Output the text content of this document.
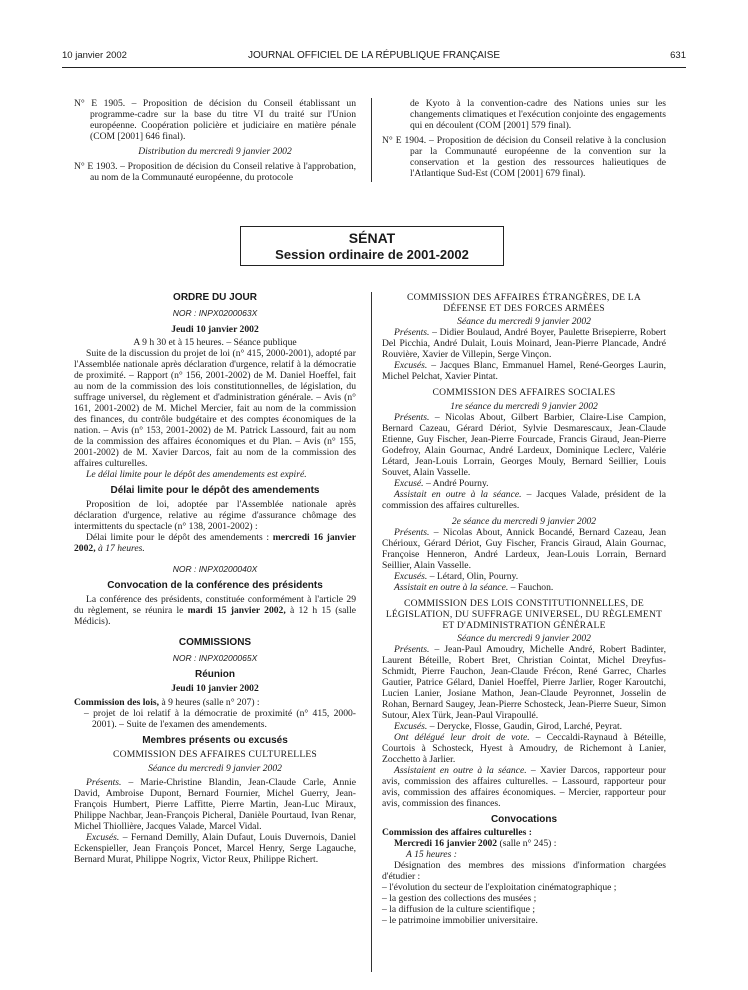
10 janvier 2002	JOURNAL OFFICIEL DE LA RÉPUBLIQUE FRANÇAISE	631

N° E 1905. – Proposition de décision du Conseil établissant un programme-cadre sur la base du titre VI du traité sur l'Union européenne. Coopération policière et judiciaire en matière pénale (COM [2001] 646 final).

Distribution du mercredi 9 janvier 2002

N° E 1903. – Proposition de décision du Conseil relative à l'approbation, au nom de la Communauté européenne, du protocole

de Kyoto à la convention-cadre des Nations unies sur les changements climatiques et l'exécution conjointe des engagements qui en découlent (COM [2001] 579 final).

N° E 1904. – Proposition de décision du Conseil relative à la conclusion par la Communauté européenne de la convention sur la conservation et la gestion des ressources halieutiques de l'Atlantique Sud-Est (COM [2001] 679 final).

SÉNAT
Session ordinaire de 2001-2002

ORDRE DU JOUR

NOR : INPX0200063X

Jeudi 10 janvier 2002

A 9 h 30 et à 15 heures. – Séance publique

Suite de la discussion du projet de loi (n° 415, 2000-2001), adopté par l'Assemblée nationale après déclaration d'urgence, relatif à la démocratie de proximité. – Rapport (n° 156, 2001-2002) de M. Daniel Hoeffel, fait au nom de la commission des lois constitutionnelles, de législation, du suffrage universel, du règlement et d'administration générale. – Avis (n° 161, 2001-2002) de M. Michel Mercier, fait au nom de la commission des finances, du contrôle budgétaire et des comptes économiques de la nation. – Avis (n° 153, 2001-2002) de M. Patrick Lassourd, fait au nom de la commission des affaires économiques et du Plan. – Avis (n° 155, 2001-2002) de M. Xavier Darcos, fait au nom de la commission des affaires culturelles.

Le délai limite pour le dépôt des amendements est expiré.

Délai limite pour le dépôt des amendements

Proposition de loi, adoptée par l'Assemblée nationale après déclaration d'urgence, relative au régime d'assurance chômage des intermittents du spectacle (n° 138, 2001-2002) :

Délai limite pour le dépôt des amendements : mercredi 16 janvier 2002, à 17 heures.

NOR : INPX0200040X

Convocation de la conférence des présidents

La conférence des présidents, constituée conformément à l'article 29 du règlement, se réunira le mardi 15 janvier 2002, à 12 h 15 (salle Médicis).

COMMISSIONS

NOR : INPX0200065X

Réunion

Jeudi 10 janvier 2002

Commission des lois, à 9 heures (salle n° 207) :

– projet de loi relatif à la démocratie de proximité (n° 415, 2000-2001). – Suite de l'examen des amendements.

Membres présents ou excusés

COMMISSION DES AFFAIRES CULTURELLES

Séance du mercredi 9 janvier 2002

Présents. – Marie-Christine Blandin, Jean-Claude Carle, Annie David, Ambroise Dupont, Bernard Fournier, Michel Guerry, Jean-François Humbert, Pierre Laffitte, Pierre Martin, Jean-Luc Miraux, Philippe Nachbar, Jean-François Picheral, Danièle Pourtaud, Ivan Renar, Michel Thiollière, Jacques Valade, Marcel Vidal.

Excusés. – Fernand Demilly, Alain Dufaut, Louis Duvernois, Daniel Eckenspieller, Jean François Poncet, Marcel Henry, Serge Lagauche, Bernard Murat, Philippe Nogrix, Victor Reux, Philippe Richert.

COMMISSION DES AFFAIRES ÉTRANGÈRES, DE LA DÉFENSE ET DES FORCES ARMÉES

Séance du mercredi 9 janvier 2002

Présents. – Didier Boulaud, André Boyer, Paulette Brisepierre, Robert Del Picchia, André Dulait, Louis Moinard, Jean-Pierre Plancade, André Rouvière, Xavier de Villepin, Serge Vinçon.

Excusés. – Jacques Blanc, Emmanuel Hamel, René-Georges Laurin, Michel Pelchat, Xavier Pintat.

COMMISSION DES AFFAIRES SOCIALES

1re séance du mercredi 9 janvier 2002

Présents. – Nicolas About, Gilbert Barbier, Claire-Lise Campion, Bernard Cazeau, Gérard Dériot, Sylvie Desmarescaux, Jean-Claude Etienne, Guy Fischer, Jean-Pierre Fourcade, Francis Giraud, Jean-Pierre Godefroy, Alain Gournac, André Lardeux, Dominique Leclerc, Valérie Létard, Jean-Louis Lorrain, Georges Mouly, Bernard Seillier, Louis Souvet, Alain Vasselle.

Excusé. – André Pourny.

Assistait en outre à la séance. – Jacques Valade, président de la commission des affaires culturelles.

2e séance du mercredi 9 janvier 2002

Présents. – Nicolas About, Annick Bocandé, Bernard Cazeau, Jean Chérioux, Gérard Dériot, Guy Fischer, Francis Giraud, Alain Gournac, Françoise Henneron, André Lardeux, Jean-Louis Lorrain, Bernard Seillier, Alain Vasselle.

Excusés. – Létard, Olin, Pourny.

Assistait en outre à la séance. – Fauchon.

COMMISSION DES LOIS CONSTITUTIONNELLES, DE LÉGISLATION, DU SUFFRAGE UNIVERSEL, DU RÈGLEMENT ET D'ADMINISTRATION GÉNÉRALE

Séance du mercredi 9 janvier 2002

Présents. – Jean-Paul Amoudry, Michelle André, Robert Badinter, Laurent Béteille, Robert Bret, Christian Cointat, Michel Dreyfus-Schmidt, Pierre Fauchon, Jean-Claude Frécon, René Garrec, Charles Gautier, Patrice Gélard, Daniel Hoeffel, Pierre Jarlier, Roger Karoutchi, Lucien Lanier, Josiane Mathon, Jean-Claude Peyronnet, Josselin de Rohan, Bernard Saugey, Jean-Pierre Schosteck, Jean-Pierre Sueur, Simon Sutour, Alex Türk, Jean-Paul Virapoullé.

Excusés. – Derycke, Flosse, Gaudin, Girod, Larché, Peyrat.

Ont délégué leur droit de vote. – Ceccaldi-Raynaud à Béteille, Courtois à Schosteck, Hyest à Amoudry, de Richemont à Lanier, Zocchetto à Jarlier.

Assistaient en outre à la séance. – Xavier Darcos, rapporteur pour avis, commission des affaires culturelles. – Lassourd, rapporteur pour avis, commission des affaires économiques. – Mercier, rapporteur pour avis, commission des finances.

Convocations

Commission des affaires culturelles :

Mercredi 16 janvier 2002 (salle n° 245) :

A 15 heures :

Désignation des membres des missions d'information chargées d'étudier :

– l'évolution du secteur de l'exploitation cinématographique ;

– la gestion des collections des musées ;

– la diffusion de la culture scientifique ;

– le patrimoine immobilier universitaire.
